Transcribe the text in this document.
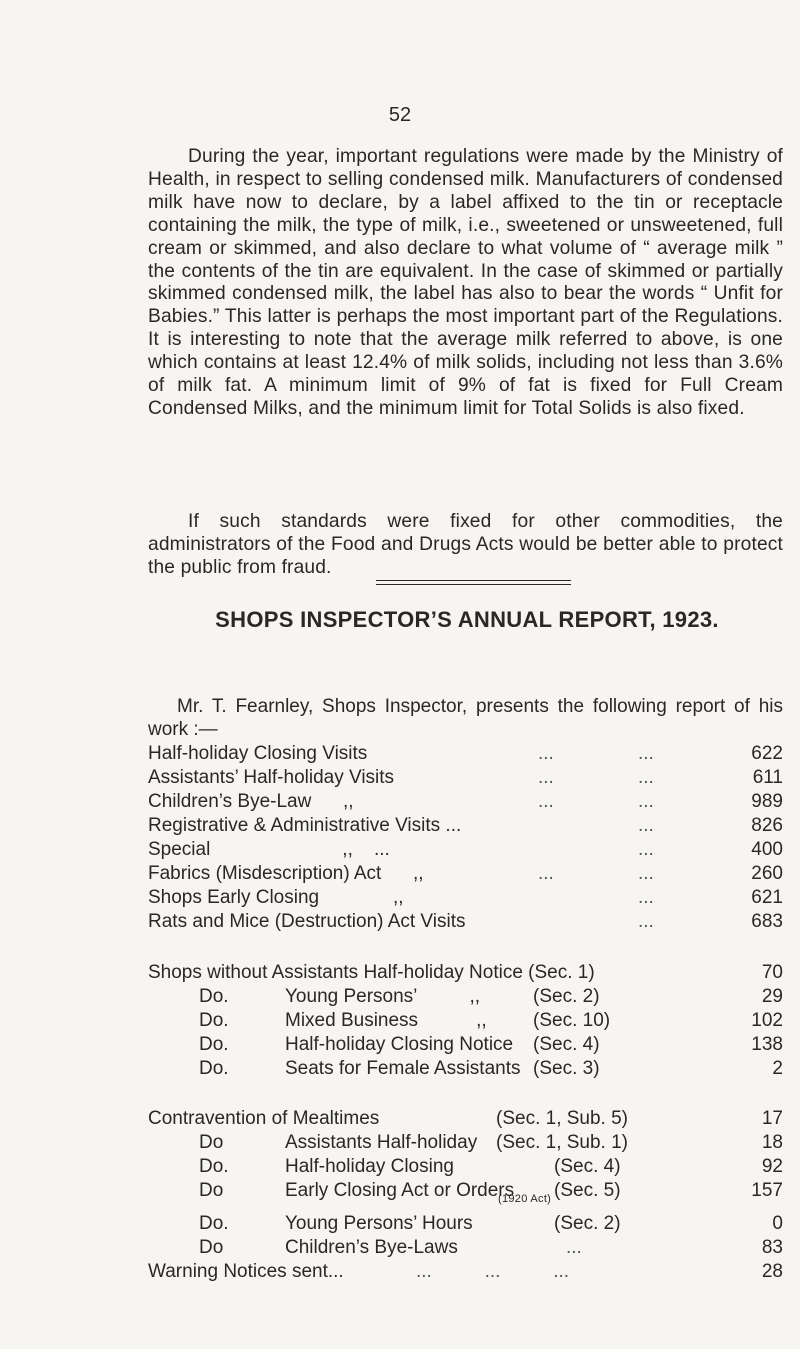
52
During the year, important regulations were made by the Ministry of Health, in respect to selling condensed milk. Manufacturers of condensed milk have now to declare, by a label affixed to the tin or receptacle containing the milk, the type of milk, i.e., sweetened or unsweetened, full cream or skimmed, and also declare to what volume of “ average milk ” the contents of the tin are equivalent. In the case of skimmed or partially skimmed condensed milk, the label has also to bear the words “ Unfit for Babies.” This latter is perhaps the most important part of the Regulations. It is interesting to note that the average milk referred to above, is one which contains at least 12.4% of milk solids, including not less than 3.6% of milk fat. A minimum limit of 9% of fat is fixed for Full Cream Condensed Milks, and the minimum limit for Total Solids is also fixed.
If such standards were fixed for other commodities, the administrators of the Food and Drugs Acts would be better able to protect the public from fraud.
SHOPS INSPECTOR’S ANNUAL REPORT, 1923.
Mr. T. Fearnley, Shops Inspector, presents the following report of his work :—
Half-holiday Closing Visits	...	...	622
Assistants’ Half-holiday Visits	...	...	611
Children’s Bye-Law      ,,	...	...	989
Registrative & Administrative Visits ...	...	826
Special                         ,,    ...	...	400
Fabrics (Misdescription) Act      ,,	...	...	260
Shops Early Closing              ,,	...	621
Rats and Mice (Destruction) Act Visits	...	683
Shops without Assistants Half-holiday Notice (Sec. 1)	70
Do.	Young Persons’          ,,	(Sec. 2)	29
Do.	Mixed Business           ,, (Sec. 10)	102
Do.	Half-holiday Closing Notice (Sec. 4)	138
Do.	Seats for Female Assistants (Sec. 3)	2
Contravention of Mealtimes	(Sec. 1, Sub. 5)	17
Do	Assistants Half-holiday (Sec. 1, Sub. 1)	18
Do.	Half-holiday Closing	(Sec. 4)	92
Do	Early Closing Act or Orders (Sec. 5)	157
(1920 Act)
Do.	Young Persons’ Hours	(Sec. 2)	0
Do	Children’s Bye-Laws	...	83
Warning Notices sent...	...          ...          ...	28
